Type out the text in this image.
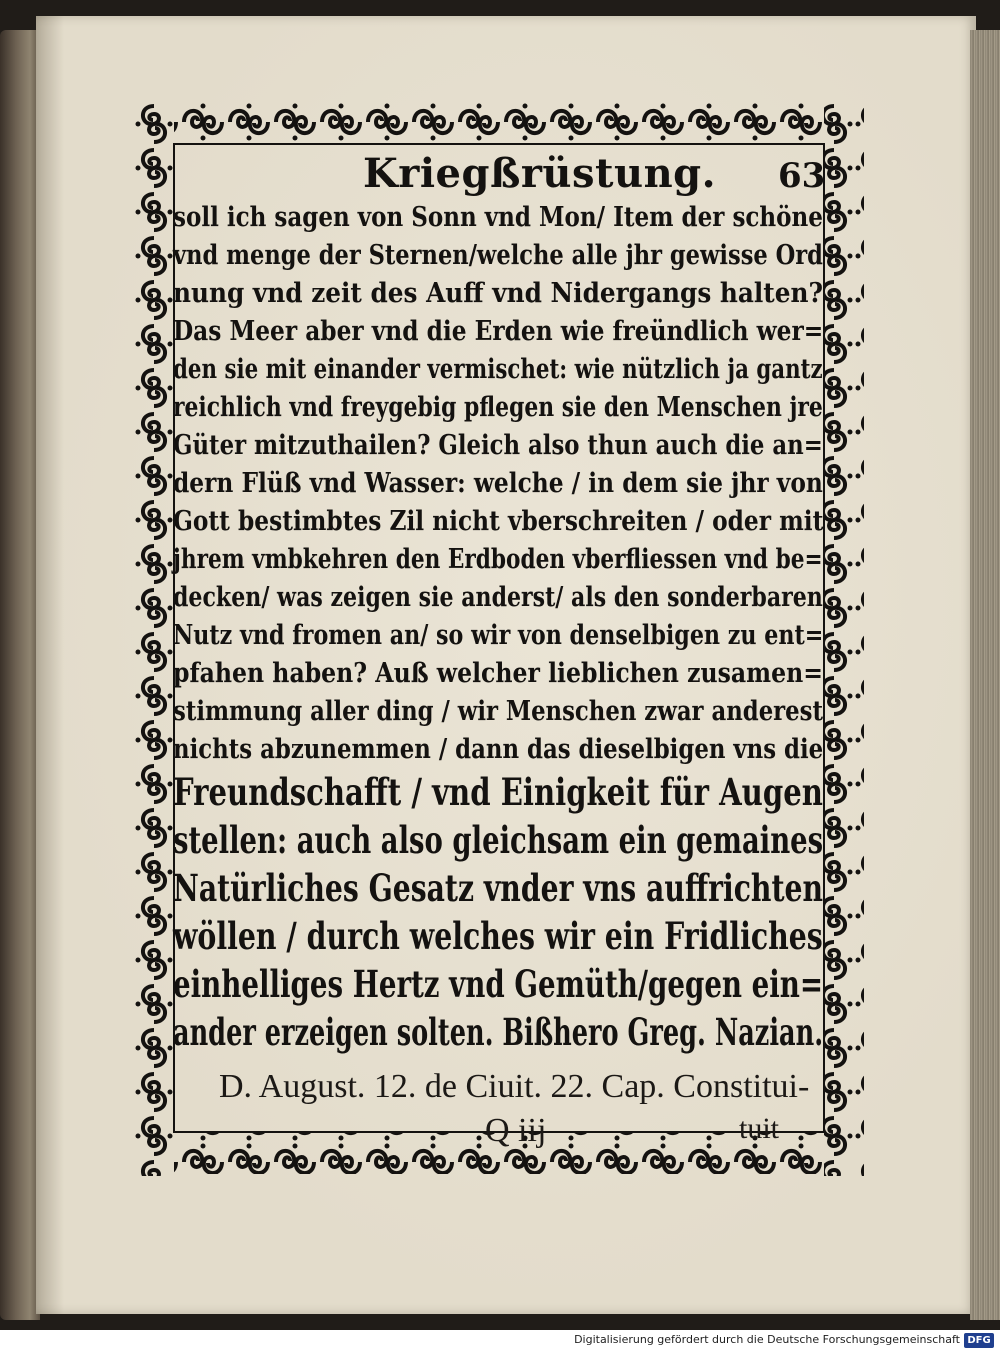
Kriegßrüstung. 63
soll ich sagen von Sonn vnd Mon/ Item der schöne
vnd menge der Sternen/welche alle jhr gewisse Ord
nung vnd zeit des Auff vnd Nidergangs halten?
Das Meer aber vnd die Erden wie freündlich wer=
den sie mit einander vermischet: wie nützlich ja gantz
reichlich vnd freygebig pflegen sie den Menschen jre
Güter mitzuthailen? Gleich also thun auch die an=
dern Flüß vnd Wasser: welche / in dem sie jhr von
Gott bestimbtes Zil nicht vberschreiten / oder mit
jhrem vmbkehren den Erdboden vberfliessen vnd be=
decken/ was zeigen sie anderst/ als den sonderbaren
Nutz vnd fromen an/ so wir von denselbigen zu ent=
pfahen haben? Auß welcher lieblichen zusamen=
stimmung aller ding / wir Menschen zwar anderest
nichts abzunemmen / dann das dieselbigen vns die
Freundschafft / vnd Einigkeit für Augen
stellen: auch also gleichsam ein gemaines
Natürliches Gesatz vnder vns auffrichten
wöllen / durch welches wir ein Fridliches
einhelliges Hertz vnd Gemüth/gegen ein=
ander erzeigen solten. Bißhero Greg. Nazian.
D. August. 12. de Ciuit. 22. Cap. Constitui-
Q iij	tuit
Digitalisierung gefördert durch die Deutsche Forschungsgemeinschaft DFG
